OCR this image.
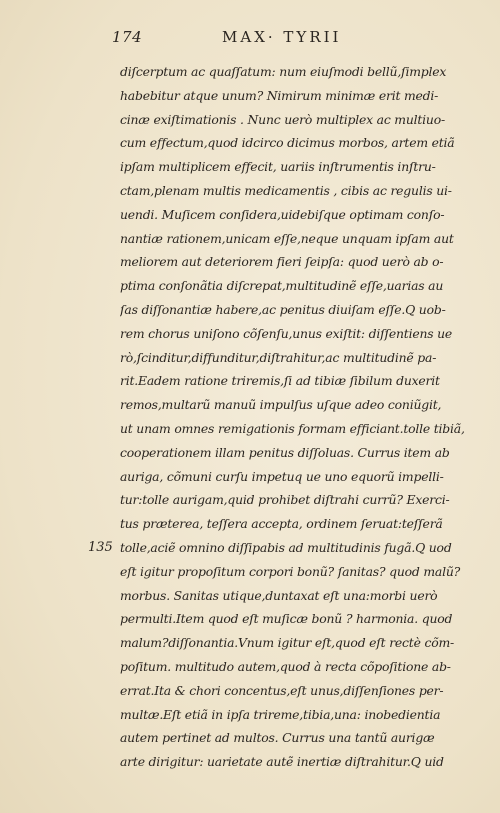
174	MAX· TYRII
135
diſcerptum ac quaſſatum: num eiuſmodi bellũ,ſimplex
habebitur atque unum? Nimirum minimæ erit medi-
cinæ exiſtimationis . Nunc uerò multiplex ac multiuo-
cum effectum,quod idcirco dicimus morbos, artem etiã
ipſam multiplicem effecit, uariis inſtrumentis inſtru-
ctam,plenam multis medicamentis , cibis ac regulis ui-
uendi. Muſicem conſidera,uidebiſque optimam conſo-
nantiæ rationem,unicam eſſe,neque unquam ipſam aut
meliorem aut deteriorem fieri ſeipſa: quod uerò ab o-
ptima conſonãtia diſcrepat,multitudinẽ eſſe,uarias au
ſas diſſonantiæ habere,ac penitus diuiſam eſſe.Q uob-
rem chorus uniſono cõſenſu,unus exiſtit: diſſentiens ue
rò,ſcinditur,diffunditur,diſtrahitur,ac multitudinẽ pa-
rit.Eadem ratione triremis,ſi ad tibiæ ſibilum duxerit
remos,multarũ manuũ impulſus uſque adeo coniũgit,
ut unam omnes remigationis formam efficiant.tolle tibiã,
cooperationem illam penitus diſſoluas. Currus item ab
auriga, cõmuni curſu impetuq ue uno equorũ impelli-
tur:tolle aurigam,quid prohibet diſtrahi currũ? Exerci-
tus præterea, teſſera accepta, ordinem ſeruat:teſſerã
tolle,aciẽ omnino diſſipabis ad multitudinis fugã.Q uod
eſt igitur propoſitum corpori bonũ? ſanitas? quod malũ?
morbus. Sanitas utique,duntaxat eſt una:morbi uerò
permulti.Item quod eſt muſicæ bonũ ? harmonia. quod
malum?diſſonantia.Vnum igitur eſt,quod eſt rectè cõm-
poſitum. multitudo autem,quod à recta cõpoſitione ab-
errat.Ita & chori concentus,eſt unus,diſſenſiones per-
multæ.Eſt etiã in ipſa trireme,tibia,una: inobedientia
autem pertinet ad multos. Currus una tantũ aurigæ
arte dirigitur: uarietate autẽ inertiæ diſtrahitur.Q uid
